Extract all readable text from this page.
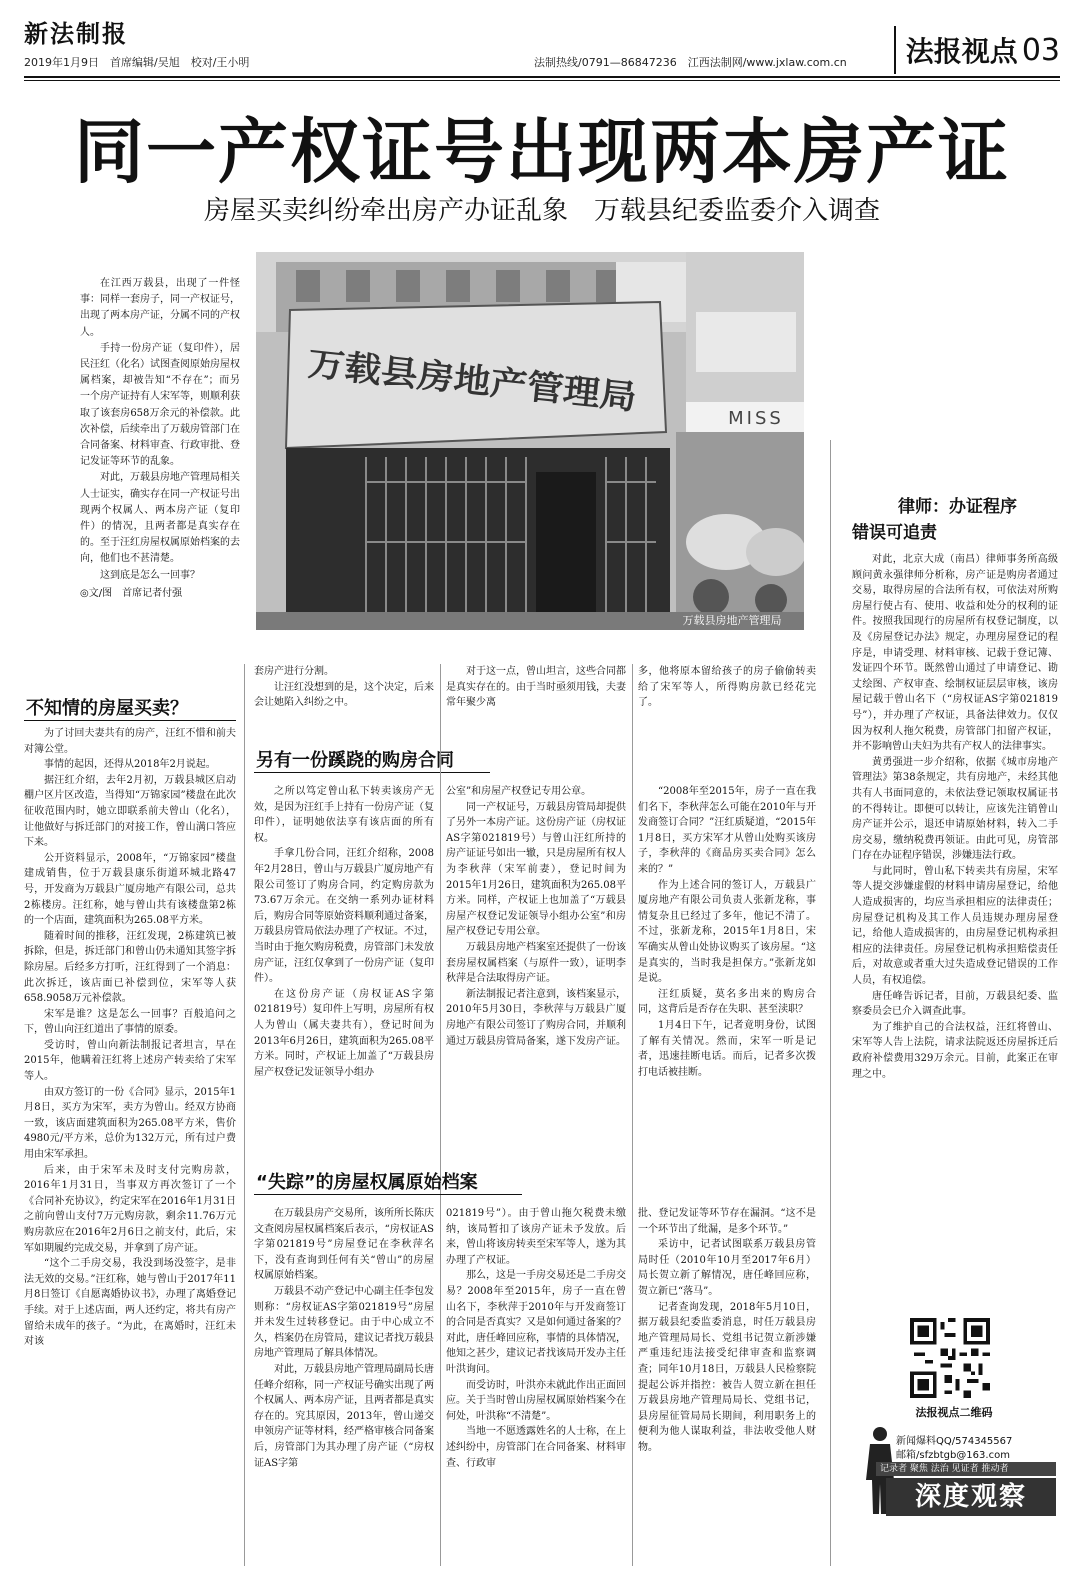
新法制报
2019年1月9日　首席编辑/吴旭　校对/王小明	法制热线/0791—86847236　江西法制网/www.jxlaw.com.cn 法报视点 03
同一产权证号出现两本房产证
房屋买卖纠纷牵出房产办证乱象　万载县纪委监委介入调查

在江西万载县，出现了一件怪事：同样一套房子，同一产权证号，出现了两本房产证，分属不同的产权人。

手持一份房产证（复印件），居民汪红（化名）试图查阅原始房屋权属档案，却被告知“不存在”；而另一个房产证持有人宋军等，则顺利获取了该套房658万余元的补偿款。此次补偿，后续牵出了万载房管部门在合同备案、材料审查、行政审批、登记发证等环节的乱象。

对此，万载县房地产管理局相关人士证实，确实存在同一产权证号出现两个权属人、两本房产证（复印件）的情况，且两者都是真实存在的。至于汪红房屋权属原始档案的去向，他们也不甚清楚。

这到底是怎么一回事？

◎文/图　首席记者付强

万载县房地产管理局
MISS
万载县房地产管理局
不知情的房屋买卖？

为了讨回夫妻共有的房产，汪红不惜和前夫对簿公堂。

事情的起因，还得从2018年2月说起。

据汪红介绍，去年2月初，万载县城区启动棚户区片区改造，当得知“万锦家园”楼盘在此次征收范围内时，她立即联系前夫曾山（化名），让他做好与拆迁部门的对接工作，曾山满口答应下来。

公开资料显示，2008年，“万锦家园”楼盘建成销售，位于万载县康乐街道环城北路47号，开发商为万载县广厦房地产有限公司，总共2栋楼房。汪红称，她与曾山共有该楼盘第2栋的一个店面，建筑面积为265.08平方米。

随着时间的推移，汪红发现，2栋建筑已被拆除，但是，拆迁部门和曾山仍未通知其签字拆除房屋。后经多方打听，汪红得到了一个消息：此次拆迁，该店面已补偿到位，宋军等人获658.9058万元补偿款。

宋军是谁？这是怎么一回事？百般追问之下，曾山向汪红道出了事情的原委。

受访时，曾山向新法制报记者坦言，早在2015年，他瞒着汪红将上述房产转卖给了宋军等人。

由双方签订的一份《合同》显示，2015年1月8日，买方为宋军，卖方为曾山。经双方协商一致，该店面建筑面积为265.08平方米，售价4980元/平方米，总价为132万元，所有过户费用由宋军承担。

后来，由于宋军未及时支付完购房款，2016年1月31日，当事双方再次签订了一个《合同补充协议》，约定宋军在2016年1月31日之前向曾山支付7万元购房款，剩余11.76万元购房款应在2016年2月6日之前支付，此后，宋军如期履约完成交易，并拿到了房产证。

“这个二手房交易，我没到场没签字，是非法无效的交易。”汪红称，她与曾山于2017年11月8日签订《自愿离婚协议书》，办理了离婚登记手续。对于上述店面，两人还约定，将共有房产留给未成年的孩子。“为此，在离婚时，汪红未对该

套房产进行分割。

让汪红没想到的是，这个决定，后来会让她陷入纠纷之中。

对于这一点，曾山坦言，这些合同都是真实存在的。由于当时亟须用钱，夫妻常年聚少离

多，他将原本留给孩子的房子偷偷转卖给了宋军等人，所得购房款已经花完了。

另有一份蹊跷的购房合同

之所以笃定曾山私下转卖该房产无效，是因为汪红手上持有一份房产证（复印件），证明她依法享有该店面的所有权。

手拿几份合同，汪红介绍称，2008年2月28日，曾山与万载县广厦房地产有限公司签订了购房合同，约定购房款为73.67万余元。在交纳一系列办证材料后，购房合同等原始资料顺利通过备案，万载县房管局依法办理了产权证。不过，当时由于拖欠购房税费，房管部门未发放房产证，汪红仅拿到了一份房产证（复印件）。

在这份房产证（房权证AS字第021819号）复印件上写明，房屋所有权人为曾山（属夫妻共有），登记时间为2013年6月26日，建筑面积为265.08平方米。同时，产权证上加盖了“万载县房屋产权登记发证领导小组办

公室”和房屋产权登记专用公章。

同一产权证号，万载县房管局却提供了另外一本房产证。这份房产证（房权证AS字第021819号）与曾山汪红所持的房产证证号如出一辙，只是房屋所有权人为李秋萍（宋军前妻），登记时间为2015年1月26日，建筑面积为265.08平方米。同样，产权证上也加盖了“万载县房屋产权登记发证领导小组办公室”和房屋产权登记专用公章。

万载县房地产档案室还提供了一份该套房屋权属档案（与原件一致），证明李秋萍是合法取得房产证。

新法制报记者注意到，该档案显示，2010年5月30日，李秋萍与万载县广厦房地产有限公司签订了购房合同，并顺利通过万载县房管局备案，遂下发房产证。

“2008年至2015年，房子一直在我们名下，李秋萍怎么可能在2010年与开发商签订合同？”汪红质疑道，“2015年1月8日，买方宋军才从曾山处购买该房子，李秋萍的《商品房买卖合同》怎么来的？”

作为上述合同的签订人，万载县广厦房地产有限公司负责人张新龙称，事情复杂且已经过了多年，他记不清了。不过，张新龙称，2015年1月8日，宋军确实从曾山处协议购买了该房屋。“这是真实的，当时我是担保方。”张新龙如是说。

汪红质疑，莫名多出来的购房合同，这背后是否存在失职、甚至渎职？

1月4日下午，记者竟明身份，试图了解有关情况。然而，宋军一听是记者，迅速挂断电话。而后，记者多次拨打电话被挂断。

“失踪”的房屋权属原始档案

在万载县房产交易所，该所所长陈庆文查阅房屋权属档案后表示，“房权证AS字第021819号”房屋登记在李秋萍名下，没有查询到任何有关“曾山”的房屋权属原始档案。

万载县不动产登记中心副主任李包发则称：“房权证AS字第021819号”房屋并未发生过转移登记。由于中心成立不久，档案仍在房管局，建议记者找万载县房地产管理局了解具体情况。

对此，万载县房地产管理局副局长唐任峰介绍称，同一产权证号确实出现了两个权属人、两本房产证，且两者都是真实存在的。究其原因，2013年，曾山递交申领房产证等材料，经严格审核合同备案后，房管部门为其办理了房产证（“房权证AS字第

021819号”）。由于曾山拖欠税费未缴纳，该局暂扣了该房产证未予发放。后来，曾山将该房转卖至宋军等人，遂为其办理了产权证。

那么，这是一手房交易还是二手房交易？2008年至2015年，房子一直在曾山名下，李秋萍于2010年与开发商签订的合同是否真实？又是如何通过备案的？对此，唐任峰回应称，事情的具体情况，他知之甚少，建议记者找该局开发办主任叶洪询问。

而受访时，叶洪亦未就此作出正面回应。关于当时曾山房屋权属原始档案今在何处，叶洪称“不清楚”。

当地一不愿透露姓名的人士称，在上述纠纷中，房管部门在合同备案、材料审查、行政审

批、登记发证等环节存在漏洞。“这不是一个环节出了纰漏，是多个环节。”

采访中，记者试图联系万载县房管局时任（2010年10月至2017年6月）局长贺立新了解情况，唐任峰回应称，贺立新已“落马”。

记者查询发现，2018年5月10日，据万载县纪委监委消息，时任万载县房地产管理局局长、党组书记贺立新涉嫌严重违纪违法接受纪律审查和监察调查；同年10月18日，万载县人民检察院提起公诉并指控：被告人贺立新在担任万载县房地产管理局局长、党组书记，县房屋征管局局长期间，利用职务上的便利为他人谋取利益，非法收受他人财物。

律师：办证程序
错误可追责

对此，北京大成（南昌）律师事务所高级顾问黄永强律师分析称，房产证是购房者通过交易，取得房屋的合法所有权，可依法对所购房屋行使占有、使用、收益和处分的权利的证件。按照我国现行的房屋所有权登记制度，以及《房屋登记办法》规定，办理房屋登记的程序是，申请受理、材料审核、记载于登记簿、发证四个环节。既然曾山通过了申请登记、勘丈绘图、产权审查、绘制权证层层审核，该房屋记载于曾山名下（“房权证AS字第021819号”），并办理了产权证，具备法律效力。仅仅因为权利人拖欠税费，房管部门扣留产权证，并不影响曾山夫妇为共有产权人的法律事实。

黄勇强进一步介绍称，依据《城市房地产管理法》第38条规定，共有房地产，未经其他共有人书面同意的，未依法登记领取权属证书的不得转让。即便可以转让，应该先注销曾山房产证并公示，退还申请原始材料，转入二手房交易，缴纳税费再领证。由此可见，房管部门存在办证程序错误，涉嫌违法行政。

与此同时，曾山私下转卖共有房屋，宋军等人提交涉嫌虚假的材料申请房屋登记，给他人造成损害的，均应当承担相应的法律责任；房屋登记机构及其工作人员违规办理房屋登记，给他人造成损害的，由房屋登记机构承担相应的法律责任。房屋登记机构承担赔偿责任后，对故意或者重大过失造成登记错误的工作人员，有权追偿。

唐任峰告诉记者，目前，万载县纪委、监察委员会已介入调查此事。

为了维护自己的合法权益，汪红将曾山、宋军等人告上法院，请求法院返还房屋拆迁后政府补偿费用329万余元。目前，此案正在审理之中。

法报视点二维码
新闻爆料QQ/574345567
邮箱/sfzbtgb@163.com
记录者 聚焦 法治 见证者 推动者
深度观察
